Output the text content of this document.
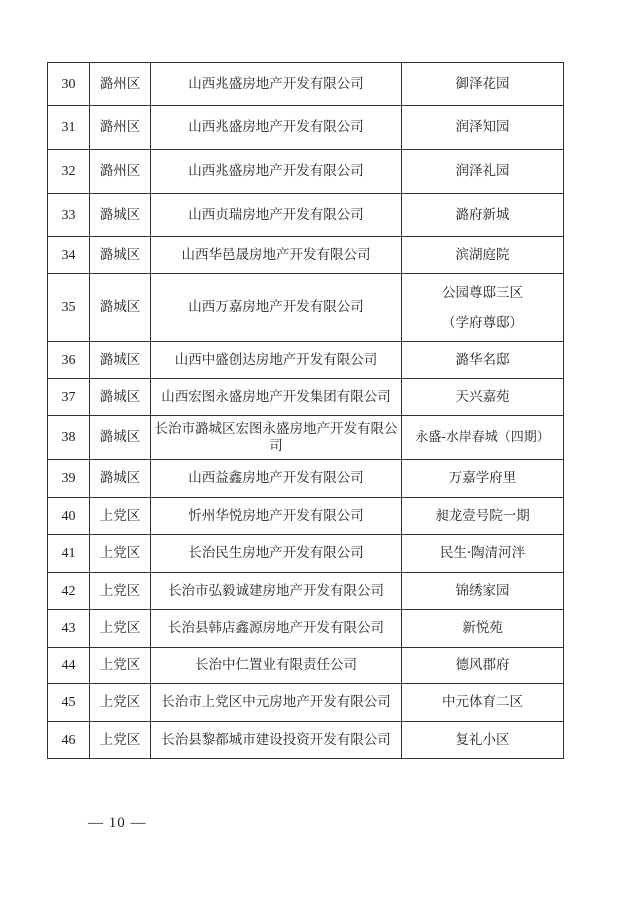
30	潞州区	山西兆盛房地产开发有限公司	御泽花园

31	潞州区	山西兆盛房地产开发有限公司	润泽知园

32	潞州区	山西兆盛房地产开发有限公司	润泽礼园

33	潞城区	山西贞瑞房地产开发有限公司	潞府新城

34	潞城区	山西华邑晟房地产开发有限公司	滨湖庭院

35	潞城区	山西万嘉房地产开发有限公司	公园尊邸三区
（学府尊邸）

36	潞城区	山西中盛创达房地产开发有限公司	潞华名邸

37	潞城区	山西宏图永盛房地产开发集团有限公司	天兴嘉苑

38	潞城区	长治市潞城区宏图永盛房地产开发有限公司	永盛-水岸春城（四期）

39	潞城区	山西益鑫房地产开发有限公司	万嘉学府里

40	上党区	忻州华悦房地产开发有限公司	昶龙壹号院一期

41	上党区	长治民生房地产开发有限公司	民生·陶清河泮

42	上党区	长治市弘毅诚建房地产开发有限公司	锦绣家园

43	上党区	长治县韩店鑫源房地产开发有限公司	新悦苑

44	上党区	长治中仁置业有限责任公司	德风郡府

45	上党区	长治市上党区中元房地产开发有限公司	中元体育二区

46	上党区	长治县黎都城市建设投资开发有限公司	复礼小区
— 10 —
